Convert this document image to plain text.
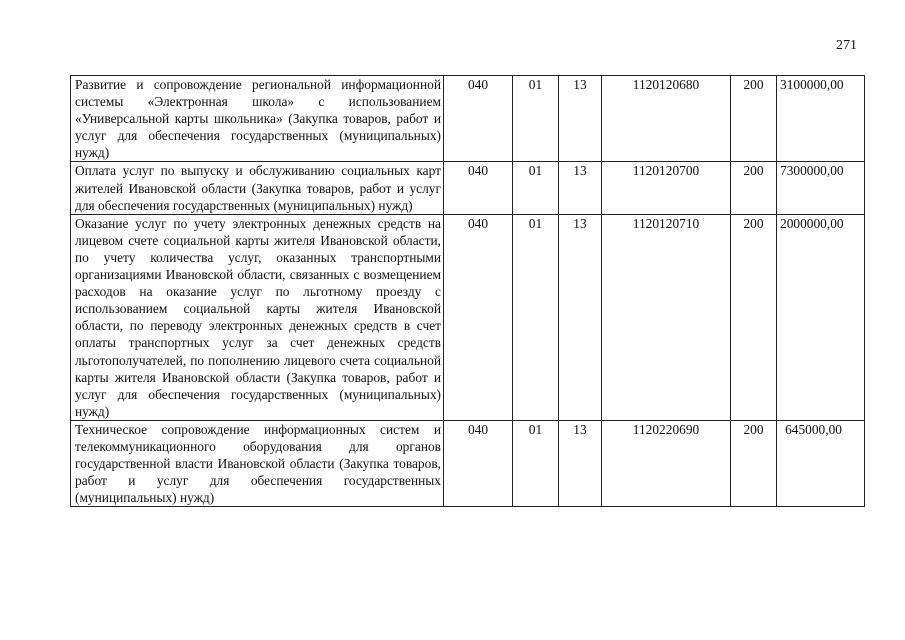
271
Развитие и сопровождение региональной информационной системы «Электронная школа» с использованием «Универсальной карты школьника» (Закупка товаров, работ и услуг для обеспечения государственных (муниципальных) нужд)	040	01	13	1120120680	200	3100000,00
Оплата услуг по выпуску и обслуживанию социальных карт жителей Ивановской области (Закупка товаров, работ и услуг для обеспечения государственных (муниципальных) нужд)	040	01	13	1120120700	200	7300000,00
Оказание услуг по учету электронных денежных средств на лицевом счете социальной карты жителя Ивановской области, по учету количества услуг, оказанных транспортными организациями Ивановской области, связанных с возмещением расходов на оказание услуг по льготному проезду с использованием социальной карты жителя Ивановской области, по переводу электронных денежных средств в счет оплаты транспортных услуг за счет денежных средств льготополучателей, по пополнению лицевого счета социальной карты жителя Ивановской области (Закупка товаров, работ и услуг для обеспечения государственных (муниципальных) нужд)	040	01	13	1120120710	200	2000000,00
Техническое сопровождение информационных систем и телекоммуникационного оборудования для органов государственной власти Ивановской области (Закупка товаров, работ и услуг для обеспечения государственных (муниципальных) нужд)	040	01	13	1120220690	200	645000,00
